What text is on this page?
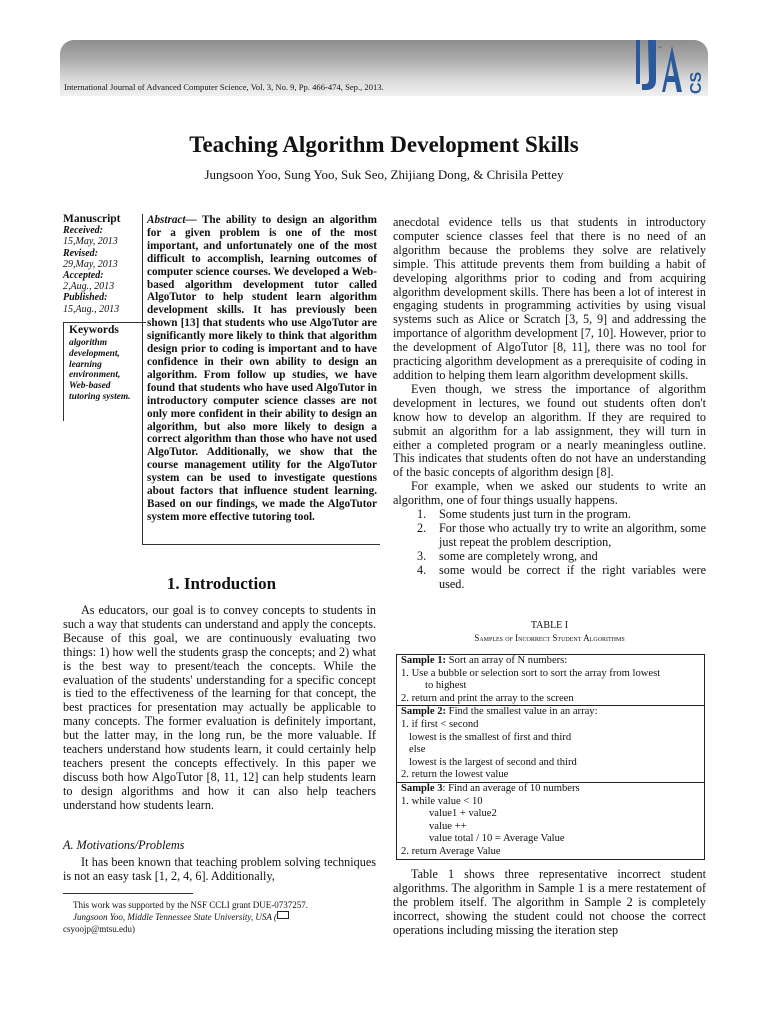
International Journal of Advanced Computer Science, Vol. 3, No. 9, Pp. 466-474, Sep., 2013.
IJA
CS
Teaching Algorithm Development Skills
Jungsoon Yoo, Sung Yoo, Suk Seo, Zhijiang Dong, & Chrisila Pettey
Manuscript
Received:
15,May, 2013
Revised:
29,May, 2013
Accepted:
2,Aug., 2013
Published:
15,Aug., 2013
Keywords
algorithm development, learning environment, Web-based tutoring system.
Abstract— The ability to design an algorithm for a given problem is one of the most important, and unfortunately one of the most difficult to accomplish, learning outcomes of computer science courses. We developed a Web-based algorithm development tutor called AlgoTutor to help student learn algorithm development skills. It has previously been shown [13] that students who use AlgoTutor are significantly more likely to think that algorithm design prior to coding is important and to have confidence in their own ability to design an algorithm. From follow up studies, we have found that students who have used AlgoTutor in introductory computer science classes are not only more confident in their ability to design an algorithm, but also more likely to design a correct algorithm than those who have not used AlgoTutor. Additionally, we show that the course management utility for the AlgoTutor system can be used to investigate questions about factors that influence student learning. Based on our findings, we made the AlgoTutor system more effective tutoring tool.
1. Introduction

As educators, our goal is to convey concepts to students in such a way that students can understand and apply the concepts. Because of this goal, we are continuously evaluating two things: 1) how well the students grasp the concepts; and 2) what is the best way to present/teach the concepts. While the evaluation of the students' understanding for a specific concept is tied to the effectiveness of the learning for that concept, the best practices for presentation may actually be applicable to many concepts. The former evaluation is definitely important, but the latter may, in the long run, be the more valuable. If teachers understand how students learn, it could certainly help teachers present the concepts effectively. In this paper we discuss both how AlgoTutor [8, 11, 12] can help students learn to design algorithms and how it can also help teachers understand how students learn.

A. Motivations/Problems

It has been known that teaching problem solving techniques is not an easy task [1, 2, 4, 6]. Additionally,

This work was supported by the NSF CCLI grant DUE-0737257.

Jungsoon Yoo, Middle Tennessee State University, USA (

csyoojp@mtsu.edu)

anecdotal evidence tells us that students in introductory computer science classes feel that there is no need of an algorithm because the problems they solve are relatively simple. This attitude prevents them from building a habit of developing algorithms prior to coding and from acquiring algorithm development skills. There has been a lot of interest in engaging students in programming activities by using visual systems such as Alice or Scratch [3, 5, 9] and addressing the importance of algorithm development [7, 10]. However, prior to the development of AlgoTutor [8, 11], there was no tool for practicing algorithm development as a prerequisite of coding in addition to helping them learn algorithm development skills.

Even though, we stress the importance of algorithm development in lectures, we found out students often don't know how to develop an algorithm. If they are required to submit an algorithm for a lab assignment, they will turn in either a completed program or a nearly meaningless outline. This indicates that students often do not have an understanding of the basic concepts of algorithm design [8].

For example, when we asked our students to write an algorithm, one of four things usually happens.

1. Some students just turn in the program.
2. For those who actually try to write an algorithm, some just repeat the problem description,
3. some are completely wrong, and
4. some would be correct if the right variables were used.
TABLE I
Samples of Incorrect Student Algorithms
Sample 1: Sort an array of N numbers:
1. Use a bubble or selection sort to sort the array from lowest
to highest
2. return and print the array to the screen

Sample 2: Find the smallest value in an array:
1. if first < second
lowest is the smallest of first and third
else
lowest is the largest of second and third
2. return the lowest value

Sample 3: Find an average of 10 numbers
1. while value < 10
value1 + value2
value ++
value total / 10 = Average Value
2. return Average Value

Table 1 shows three representative incorrect student algorithms. The algorithm in Sample 1 is a mere restatement of the problem itself. The algorithm in Sample 2 is completely incorrect, showing the student could not choose the correct operations including missing the iteration step
